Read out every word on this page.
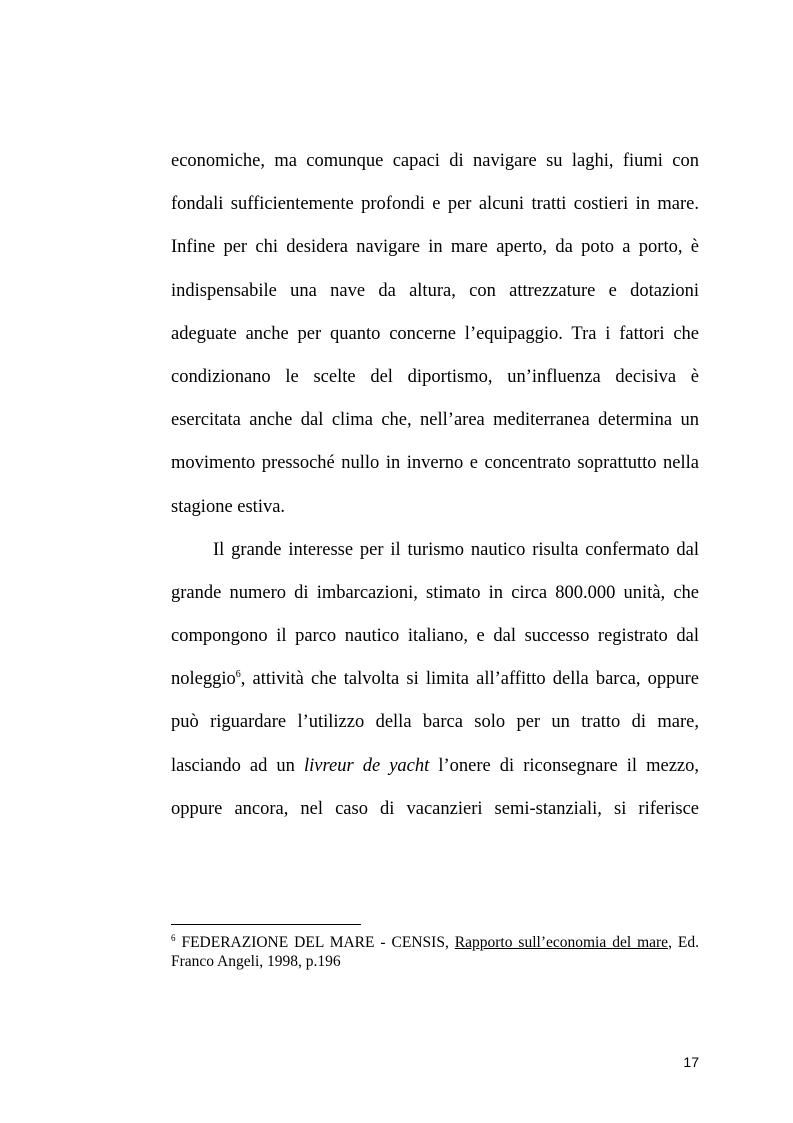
economiche, ma comunque capaci di navigare su laghi, fiumi con
fondali sufficientemente profondi e per alcuni tratti costieri in mare.
Infine per chi desidera navigare in mare aperto, da poto a porto, è
indispensabile una nave da altura, con attrezzature e dotazioni
adeguate anche per quanto concerne l’equipaggio. Tra i fattori che
condizionano le scelte del diportismo, un’influenza decisiva è
esercitata anche dal clima che, nell’area mediterranea determina un
movimento pressoché nullo in inverno e concentrato soprattutto nella
stagione estiva.

Il grande interesse per il turismo nautico risulta confermato dal
grande numero di imbarcazioni, stimato in circa 800.000 unità, che
compongono il parco nautico italiano, e dal successo registrato dal
noleggio$^6$, attività che talvolta si limita all’affitto della barca, oppure
può riguardare l’utilizzo della barca solo per un tratto di mare,
lasciando ad un livreur de yacht l’onere di riconsegnare il mezzo,
oppure ancora, nel caso di vacanzieri semi-stanziali, si riferisce

$^6$ FEDERAZIONE DEL MARE - CENSIS, Rapporto sull’economia del mare, Ed.
Franco Angeli, 1998, p.196
17
